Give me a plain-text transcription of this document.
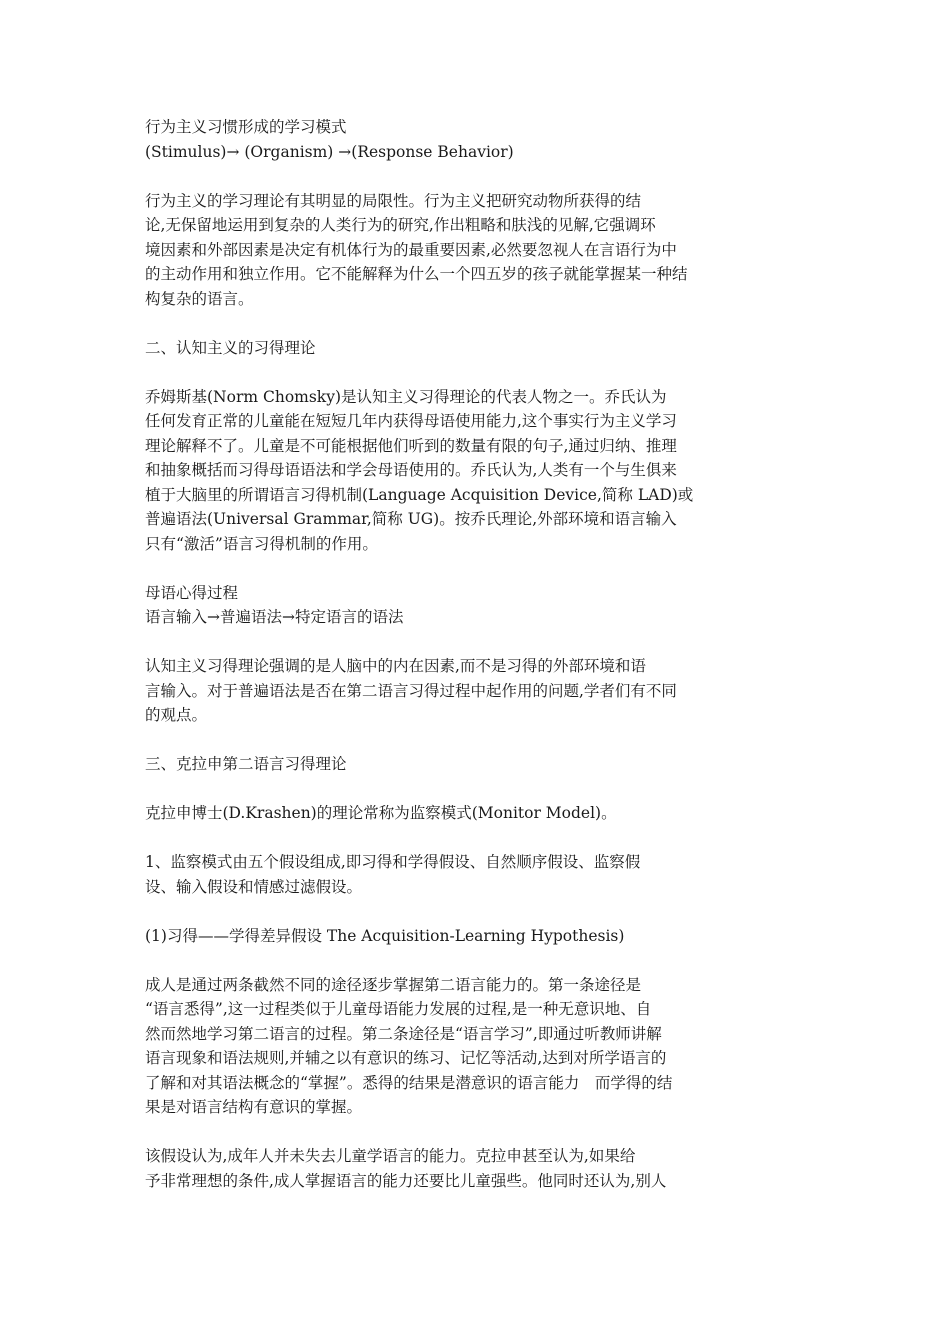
行为主义习惯形成的学习模式
(Stimulus)→ (Organism) →(Response Behavior)
行为主义的学习理论有其明显的局限性。行为主义把研究动物所获得的结
论,无保留地运用到复杂的人类行为的研究,作出粗略和肤浅的见解,它强调环
境因素和外部因素是决定有机体行为的最重要因素,必然要忽视人在言语行为中
的主动作用和独立作用。它不能解释为什么一个四五岁的孩子就能掌握某一种结
构复杂的语言。
二、认知主义的习得理论
乔姆斯基(Norm Chomsky)是认知主义习得理论的代表人物之一。乔氏认为
任何发育正常的儿童能在短短几年内获得母语使用能力,这个事实行为主义学习
理论解释不了。儿童是不可能根据他们听到的数量有限的句子,通过归纳、推理
和抽象概括而习得母语语法和学会母语使用的。乔氏认为,人类有一个与生俱来
植于大脑里的所谓语言习得机制(Language Acquisition Device,简称 LAD)或
普遍语法(Universal Grammar,简称 UG)。按乔氏理论,外部环境和语言输入
只有“激活”语言习得机制的作用。
母语心得过程
语言输入→普遍语法→特定语言的语法
认知主义习得理论强调的是人脑中的内在因素,而不是习得的外部环境和语
言输入。对于普遍语法是否在第二语言习得过程中起作用的问题,学者们有不同
的观点。
三、克拉申第二语言习得理论
克拉申博士(D.Krashen)的理论常称为监察模式(Monitor Model)。
1、监察模式由五个假设组成,即习得和学得假设、自然顺序假设、监察假
设、输入假设和情感过滤假设。
(1)习得——学得差异假设 The Acquisition-Learning Hypothesis)
成人是通过两条截然不同的途径逐步掌握第二语言能力的。第一条途径是
“语言悉得”,这一过程类似于儿童母语能力发展的过程,是一种无意识地、自
然而然地学习第二语言的过程。第二条途径是“语言学习”,即通过听教师讲解
语言现象和语法规则,并辅之以有意识的练习、记忆等活动,达到对所学语言的
了解和对其语法概念的“掌握”。悉得的结果是潜意识的语言能力　而学得的结
果是对语言结构有意识的掌握。
该假设认为,成年人并未失去儿童学语言的能力。克拉申甚至认为,如果给
予非常理想的条件,成人掌握语言的能力还要比儿童强些。他同时还认为,别人
